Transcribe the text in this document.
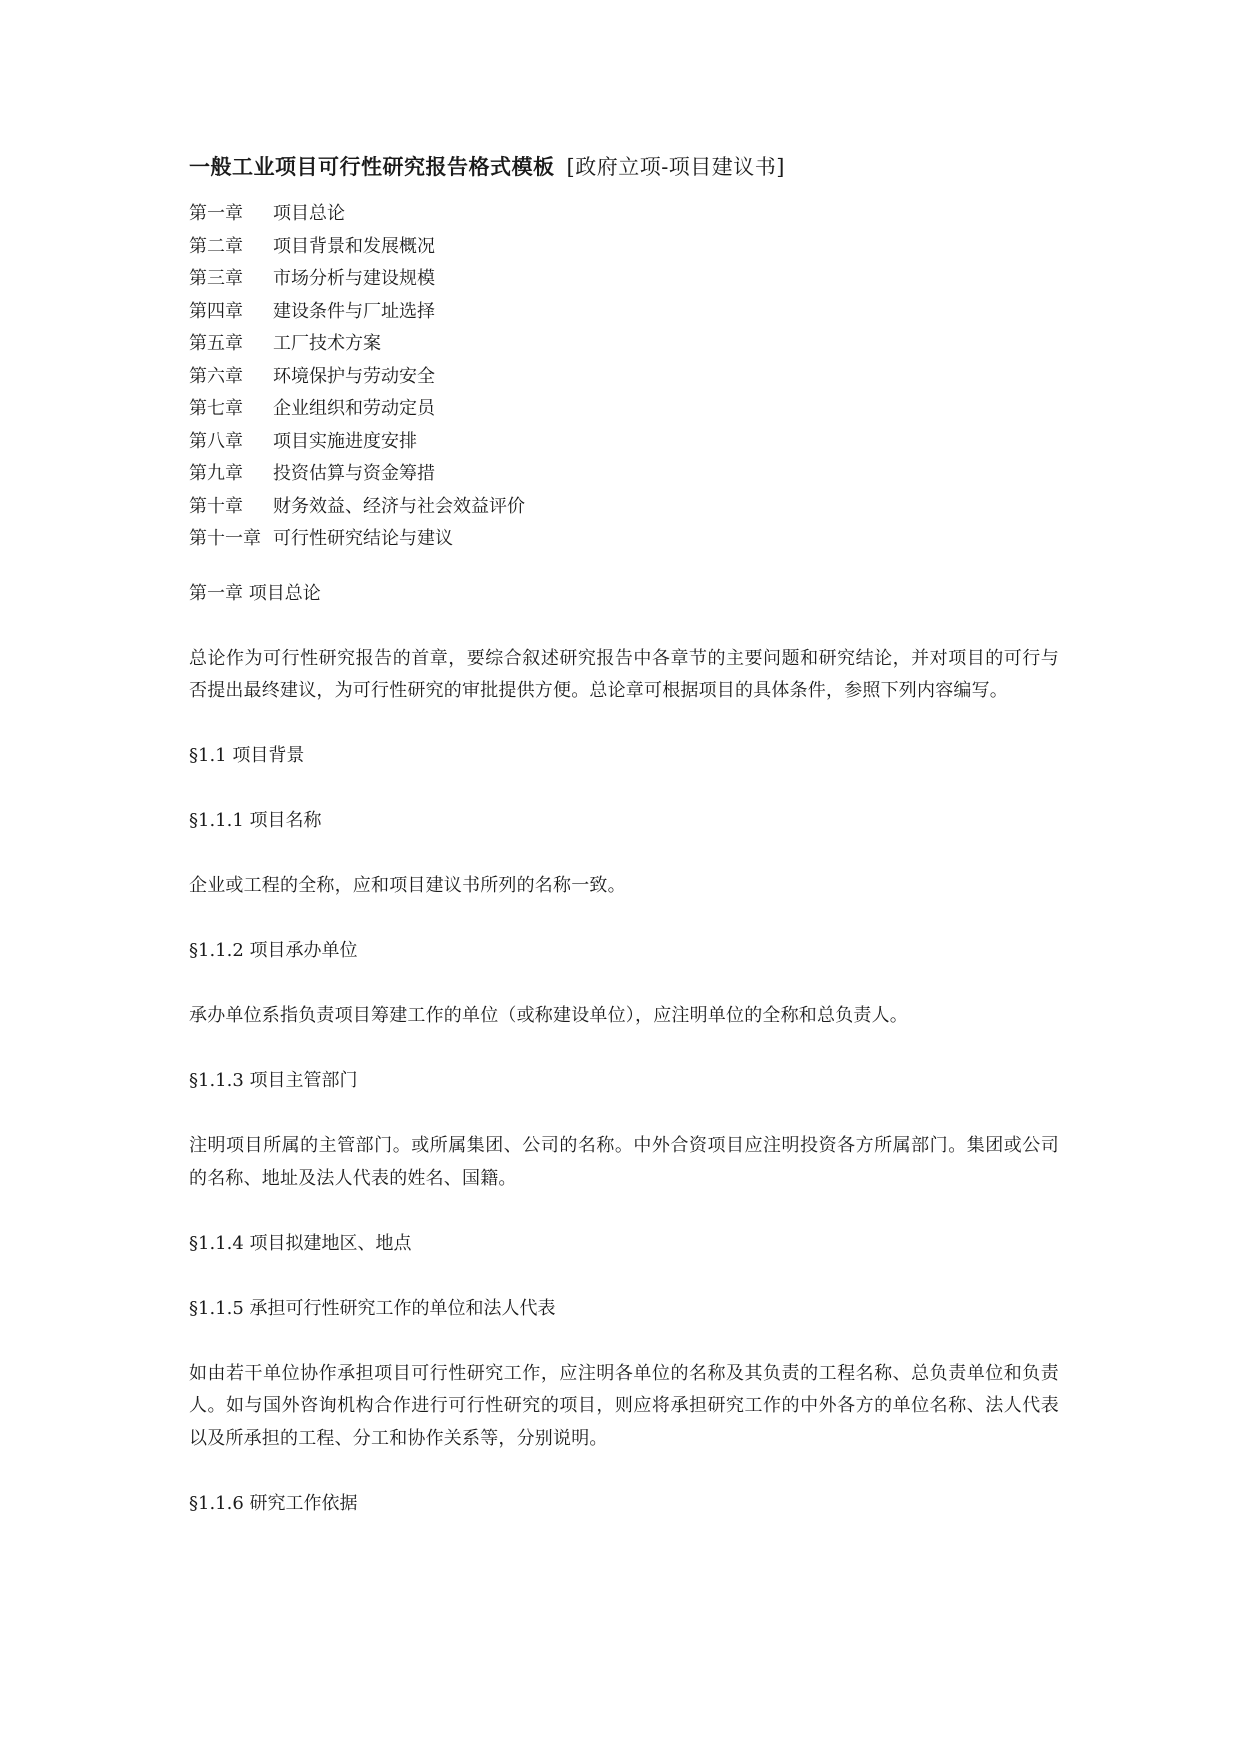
一般工业项目可行性研究报告格式模板 [政府立项-项目建议书]
第一章 项目总论
第二章 项目背景和发展概况
第三章 市场分析与建设规模
第四章 建设条件与厂址选择
第五章 工厂技术方案
第六章 环境保护与劳动安全
第七章 企业组织和劳动定员
第八章 项目实施进度安排
第九章 投资估算与资金筹措
第十章 财务效益、经济与社会效益评价
第十一章 可行性研究结论与建议
第一章 项目总论
总论作为可行性研究报告的首章，要综合叙述研究报告中各章节的主要问题和研究结论，并对项目的可行与否提出最终建议，为可行性研究的审批提供方便。总论章可根据项目的具体条件，参照下列内容编写。
§1.1 项目背景
§1.1.1 项目名称
企业或工程的全称，应和项目建议书所列的名称一致。
§1.1.2 项目承办单位
承办单位系指负责项目筹建工作的单位（或称建设单位），应注明单位的全称和总负责人。
§1.1.3 项目主管部门
注明项目所属的主管部门。或所属集团、公司的名称。中外合资项目应注明投资各方所属部门。集团或公司的名称、地址及法人代表的姓名、国籍。
§1.1.4 项目拟建地区、地点
§1.1.5 承担可行性研究工作的单位和法人代表
如由若干单位协作承担项目可行性研究工作，应注明各单位的名称及其负责的工程名称、总负责单位和负责人。如与国外咨询机构合作进行可行性研究的项目，则应将承担研究工作的中外各方的单位名称、法人代表以及所承担的工程、分工和协作关系等，分别说明。
§1.1.6 研究工作依据
